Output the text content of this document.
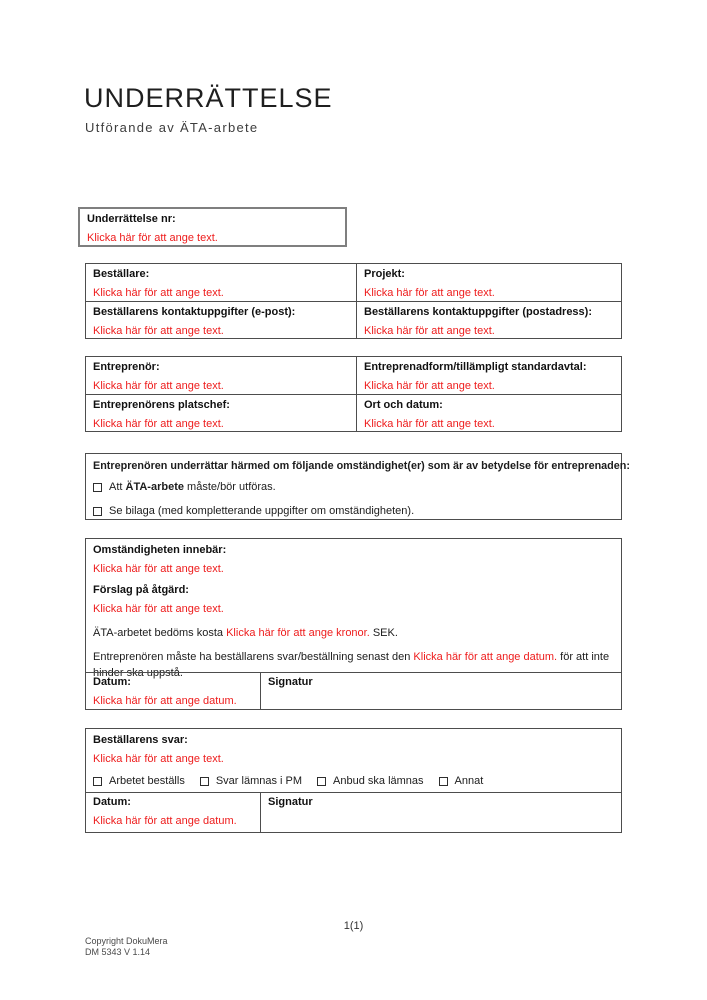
UNDERRÄTTELSE
Utförande av ÄTA-arbete
Underrättelse nr:
Klicka här för att ange text.
Beställare:
Klicka här för att ange text.
Projekt:
Klicka här för att ange text.
Beställarens kontaktuppgifter (e-post):
Klicka här för att ange text.
Beställarens kontaktuppgifter (postadress):
Klicka här för att ange text.
Entreprenör:
Klicka här för att ange text.
Entreprenadform/tillämpligt standardavtal:
Klicka här för att ange text.
Entreprenörens platschef:
Klicka här för att ange text.
Ort och datum:
Klicka här för att ange text.
Entreprenören underrättar härmed om följande omständighet(er) som är av betydelse för entreprenaden:
Att ÄTA-arbete måste/bör utföras.
Se bilaga (med kompletterande uppgifter om omständigheten).
Omständigheten innebär:
Klicka här för att ange text.
Förslag på åtgärd:
Klicka här för att ange text.
ÄTA-arbetet bedöms kosta Klicka här för att ange kronor. SEK.
Entreprenören måste ha beställarens svar/beställning senast den Klicka här för att ange datum. för att inte hinder ska uppstå.
Datum:
Klicka här för att ange datum.
Signatur
Beställarens svar:
Klicka här för att ange text.
Arbetet beställs	Svar lämnas i PM	Anbud ska lämnas	Annat
Datum:
Klicka här för att ange datum.
Signatur
1(1)
Copyright DokuMera
DM 5343 V 1.14
